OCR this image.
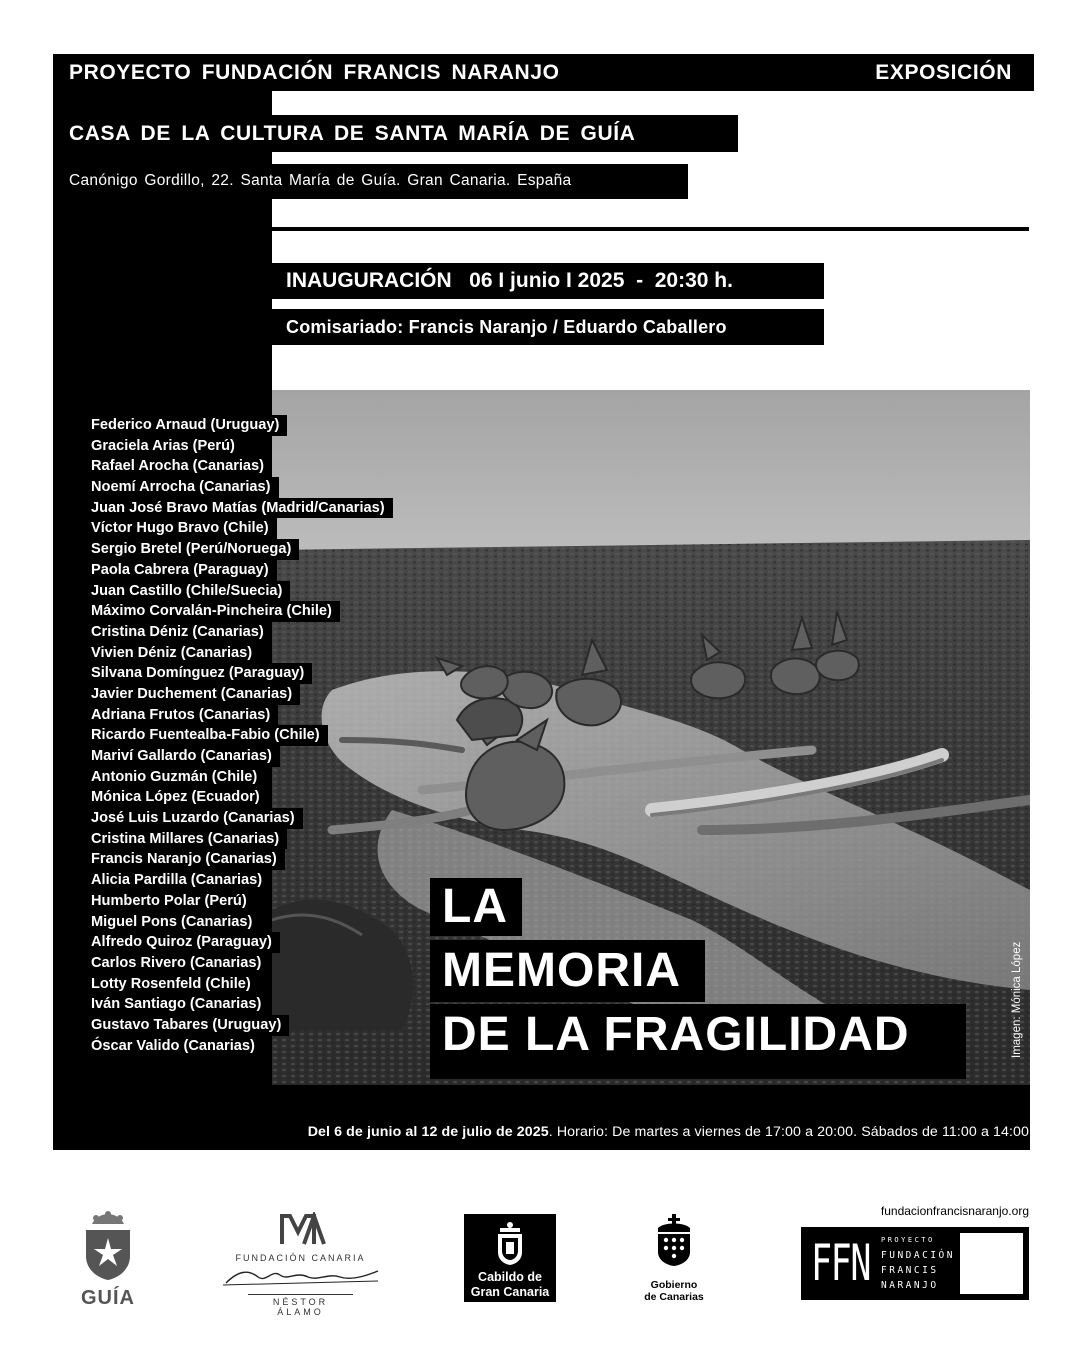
PROYECTO FUNDACIÓN FRANCIS NARANJO	EXPOSICIÓN
CASA DE LA CULTURA DE SANTA MARÍA DE GUÍA
Canónigo Gordillo, 22. Santa María de Guía. Gran Canaria. España
INAUGURACIÓN   06 I junio I 2025  -  20:30 h.
Comisariado: Francis Naranjo / Eduardo Caballero
Federico Arnaud (Uruguay)
Graciela Arias (Perú)
Rafael Arocha (Canarias)
Noemí Arrocha (Canarias)
Juan José Bravo Matías (Madrid/Canarias)
Víctor Hugo Bravo (Chile)
Sergio Bretel (Perú/Noruega)
Paola Cabrera (Paraguay)
Juan Castillo (Chile/Suecia)
Máximo Corvalán-Pincheira (Chile)
Cristina Déniz (Canarias)
Vivien Déniz (Canarias)
Silvana Domínguez (Paraguay)
Javier Duchement (Canarias)
Adriana Frutos (Canarias)
Ricardo Fuentealba-Fabio (Chile)
Mariví Gallardo (Canarias)
Antonio Guzmán (Chile)
Mónica López (Ecuador)
José Luis Luzardo (Canarias)
Cristina Millares (Canarias)
Francis Naranjo (Canarias)
Alicia Pardilla (Canarias)
Humberto Polar (Perú)
Miguel Pons (Canarias)
Alfredo Quiroz (Paraguay)
Carlos Rivero (Canarias)
Lotty Rosenfeld (Chile)
Iván Santiago (Canarias)
Gustavo Tabares (Uruguay)
Óscar Valido (Canarias)
LA
MEMORIA
DE LA FRAGILIDAD	Imagen: Mónica López
Del 6 de junio al 12 de julio de 2025. Horario: De martes a viernes de 17:00 a 20:00. Sábados de 11:00 a 14:00
GUÍA
FUNDACIÓN CANARIA
NÉSTOR ÁLAMO
Cabildo de
Gran Canaria	Gobierno
de Canarias
fundacionfrancisnaranjo.org
FFN PROYECTO
FUNDACIÓN
FRANCIS
NARANJO
